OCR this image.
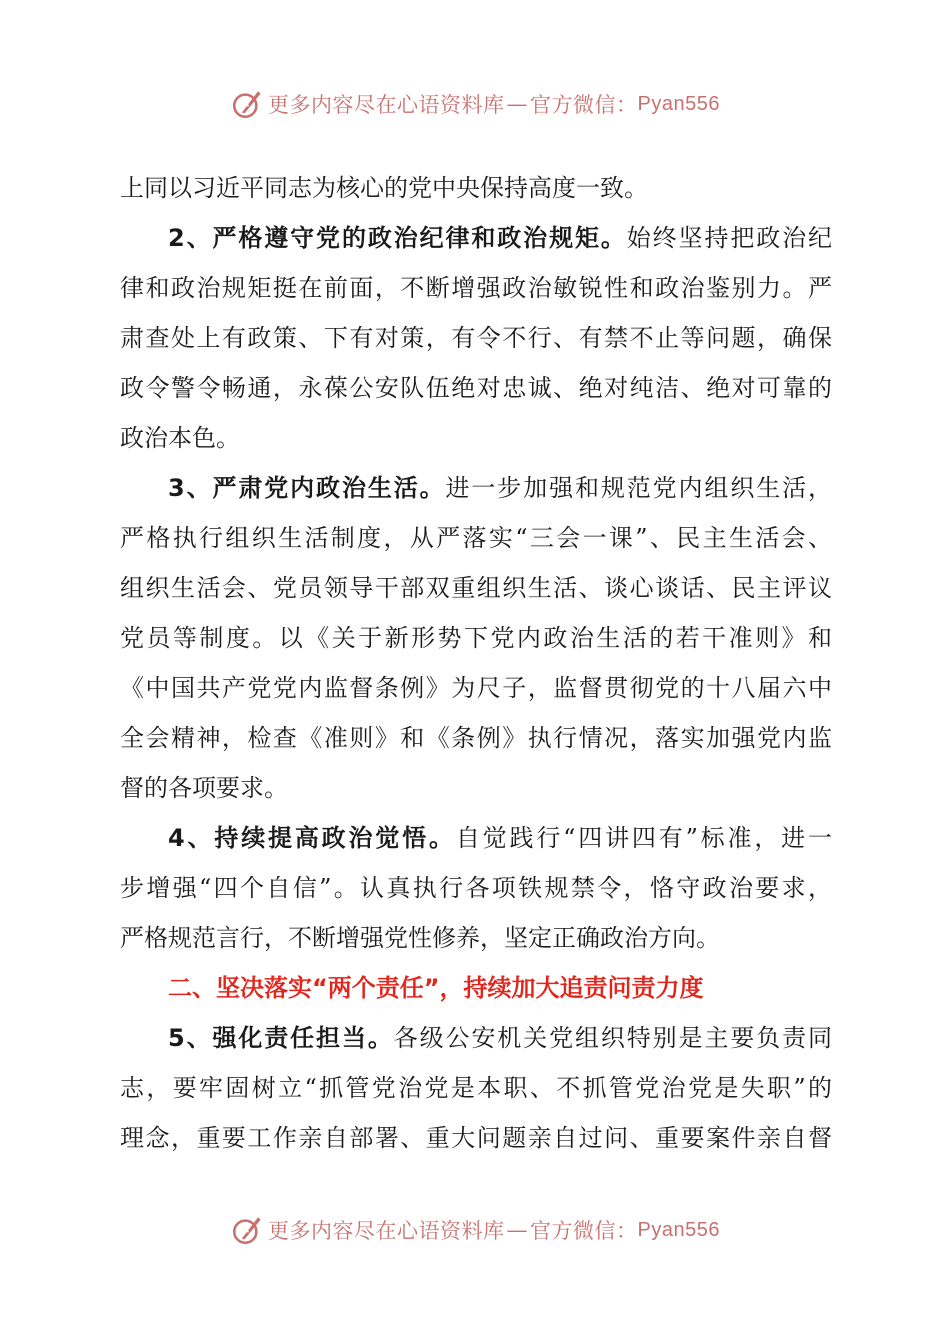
更多内容尽在心语资料库 — 官方微信： Pyan556
上同以习近平同志为核心的党中央保持高度一致。
2、严格遵守党的政治纪律和政治规矩。始终坚持把政治纪
律和政治规矩挺在前面，不断增强政治敏锐性和政治鉴别力。严
肃查处上有政策、下有对策，有令不行、有禁不止等问题，确保
政令警令畅通，永葆公安队伍绝对忠诚、绝对纯洁、绝对可靠的
政治本色。
3、严肃党内政治生活。进一步加强和规范党内组织生活，
严格执行组织生活制度，从严落实“三会一课”、民主生活会、
组织生活会、党员领导干部双重组织生活、谈心谈话、民主评议
党员等制度。以《关于新形势下党内政治生活的若干准则》和
《中国共产党党内监督条例》为尺子，监督贯彻党的十八届六中
全会精神，检查《准则》和《条例》执行情况，落实加强党内监
督的各项要求。
4、持续提高政治觉悟。自觉践行“四讲四有”标准，进一
步增强“四个自信”。认真执行各项铁规禁令，恪守政治要求，
严格规范言行，不断增强党性修养，坚定正确政治方向。
二、坚决落实“两个责任”，持续加大追责问责力度
5、强化责任担当。各级公安机关党组织特别是主要负责同
志，要牢固树立“抓管党治党是本职、不抓管党治党是失职”的
理念，重要工作亲自部署、重大问题亲自过问、重要案件亲自督
更多内容尽在心语资料库 — 官方微信： Pyan556
